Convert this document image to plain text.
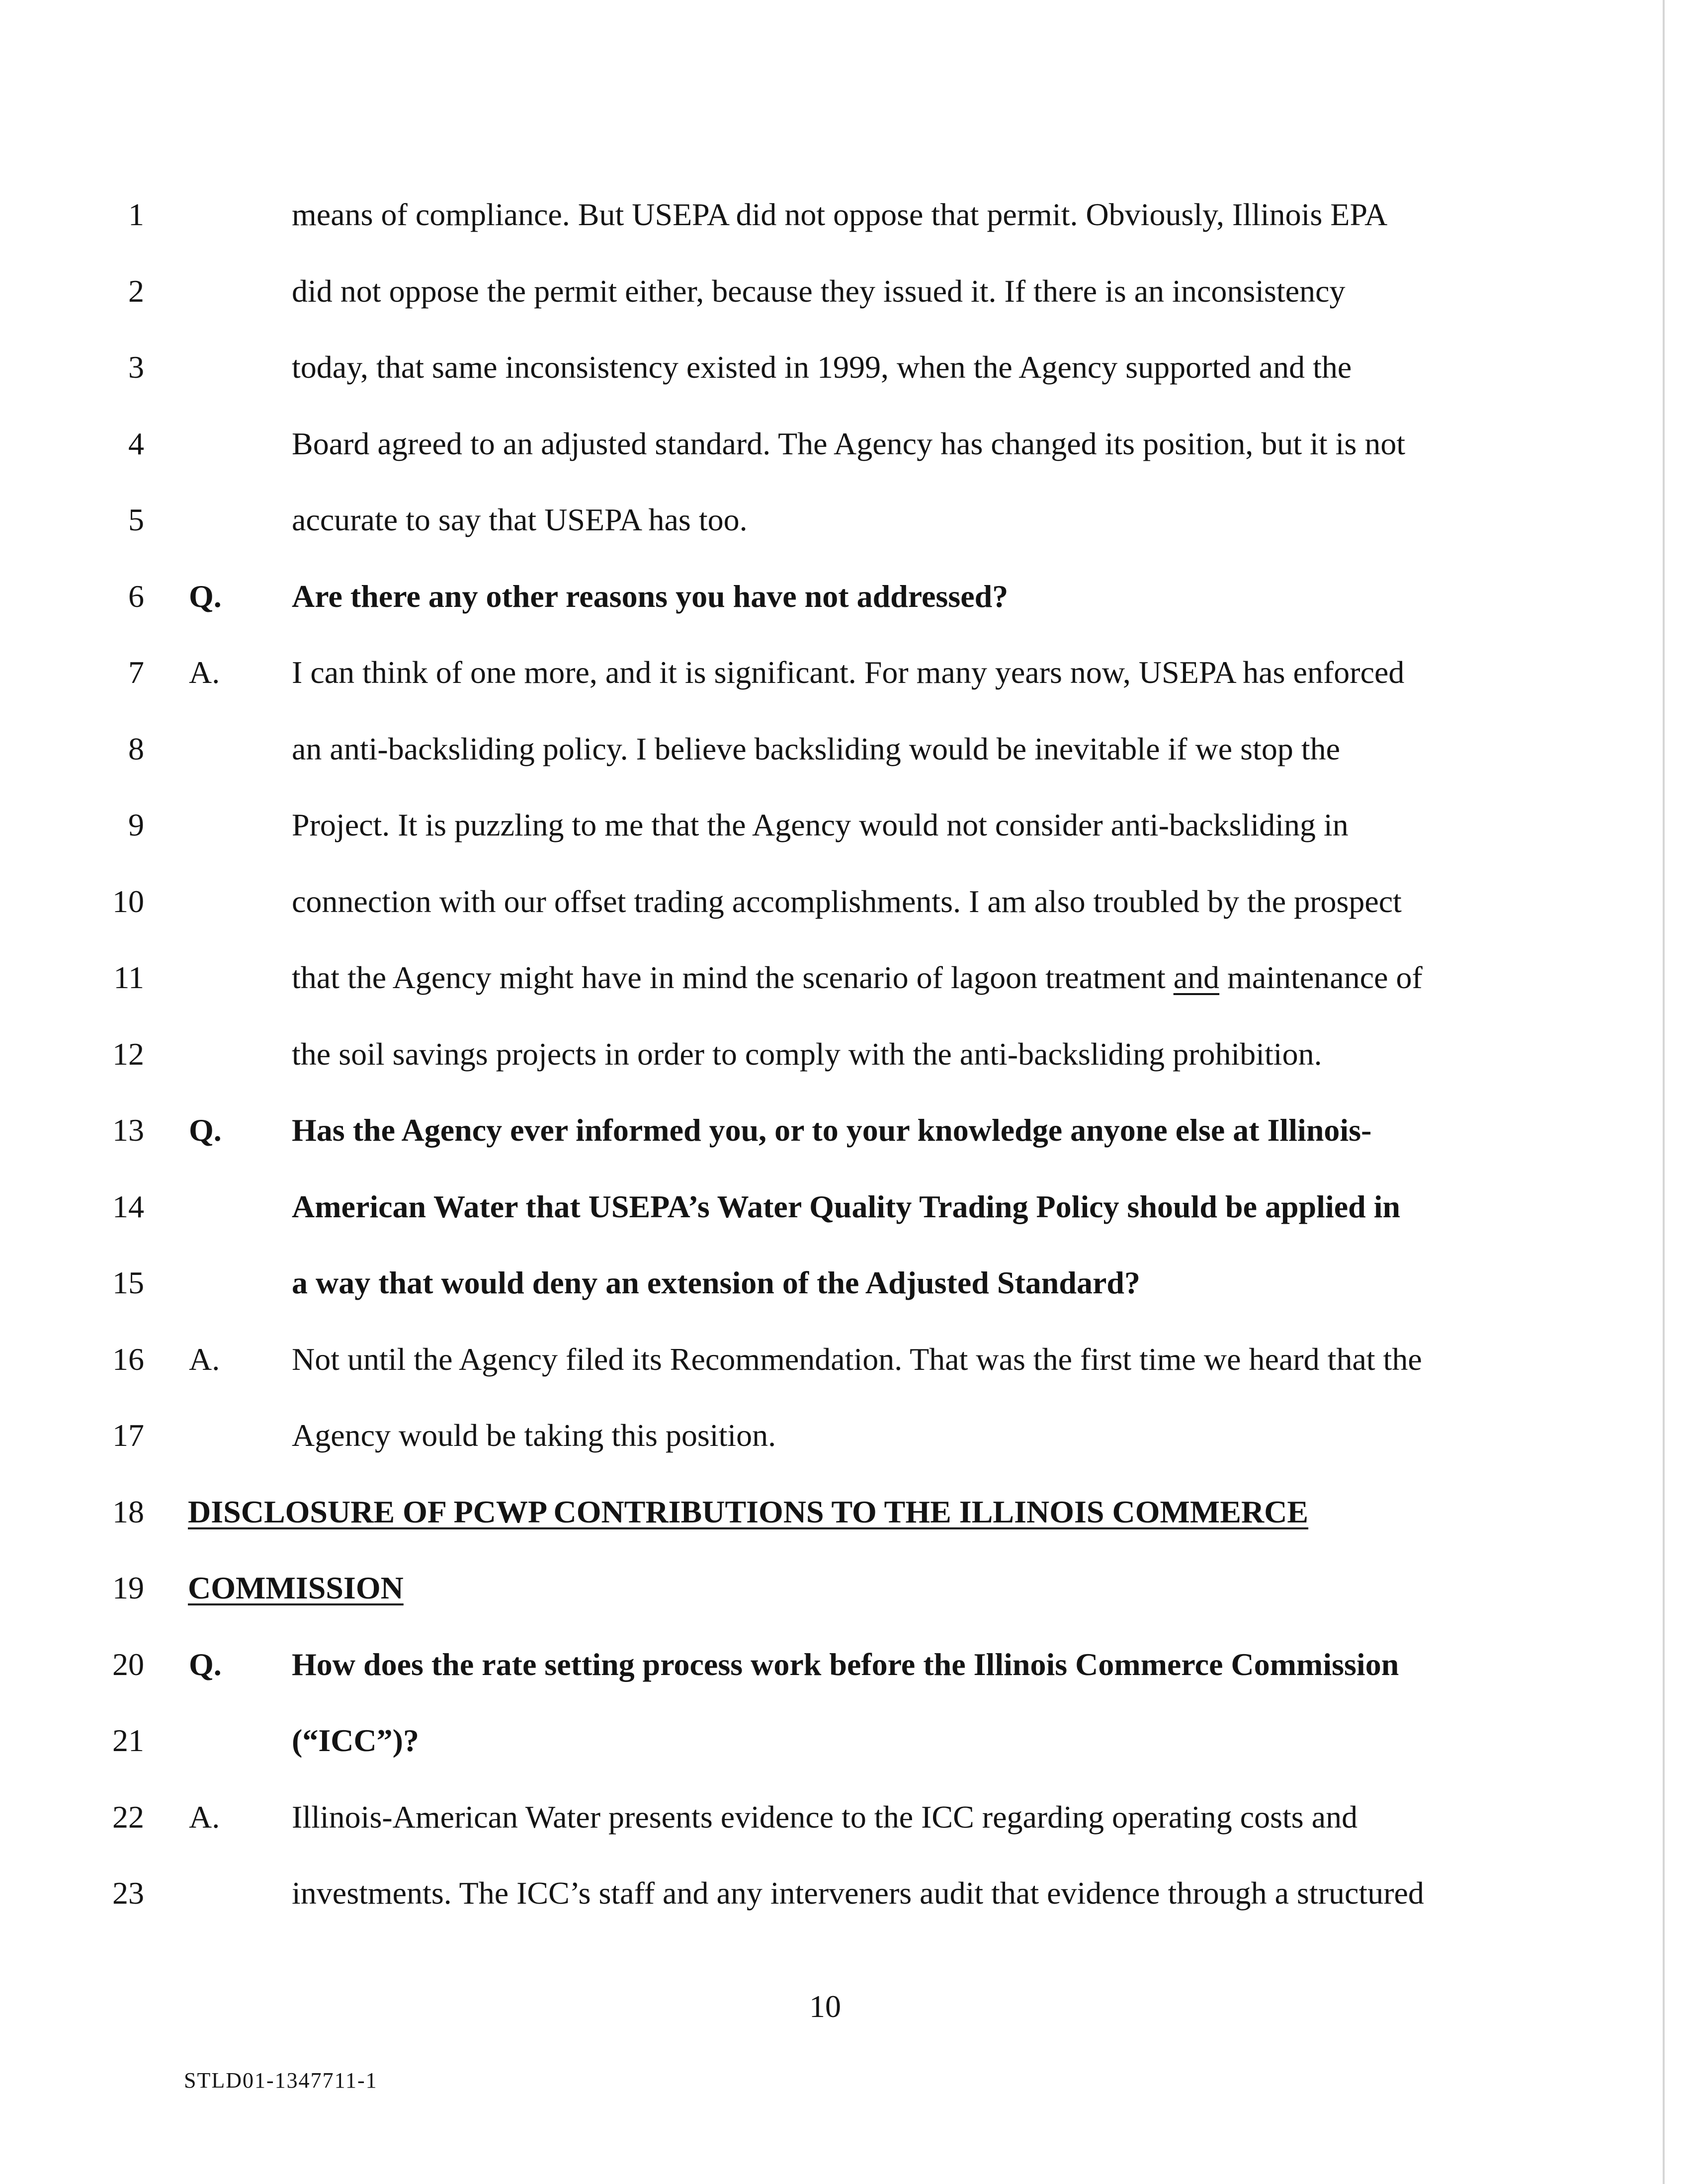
1	means of compliance. But USEPA did not oppose that permit. Obviously, Illinois EPA
2	did not oppose the permit either, because they issued it. If there is an inconsistency
3	today, that same inconsistency existed in 1999, when the Agency supported and the
4	Board agreed to an adjusted standard. The Agency has changed its position, but it is not
5	accurate to say that USEPA has too.
6 Q. Are there any other reasons you have not addressed?
7 A. I can think of one more, and it is significant. For many years now, USEPA has enforced
8	an anti-backsliding policy. I believe backsliding would be inevitable if we stop the
9	Project. It is puzzling to me that the Agency would not consider anti-backsliding in
10	connection with our offset trading accomplishments. I am also troubled by the prospect
11	that the Agency might have in mind the scenario of lagoon treatment and maintenance of
12	the soil savings projects in order to comply with the anti-backsliding prohibition.
13 Q. Has the Agency ever informed you, or to your knowledge anyone else at Illinois-
14	American Water that USEPA’s Water Quality Trading Policy should be applied in
15	a way that would deny an extension of the Adjusted Standard?
16 A. Not until the Agency filed its Recommendation. That was the first time we heard that the
17	Agency would be taking this position.
18 DISCLOSURE OF PCWP CONTRIBUTIONS TO THE ILLINOIS COMMERCE
19 COMMISSION
20 Q. How does the rate setting process work before the Illinois Commerce Commission
21	(“ICC”)?
22 A. Illinois-American Water presents evidence to the ICC regarding operating costs and
23	investments. The ICC’s staff and any interveners audit that evidence through a structured
10
STLD01-1347711-1
